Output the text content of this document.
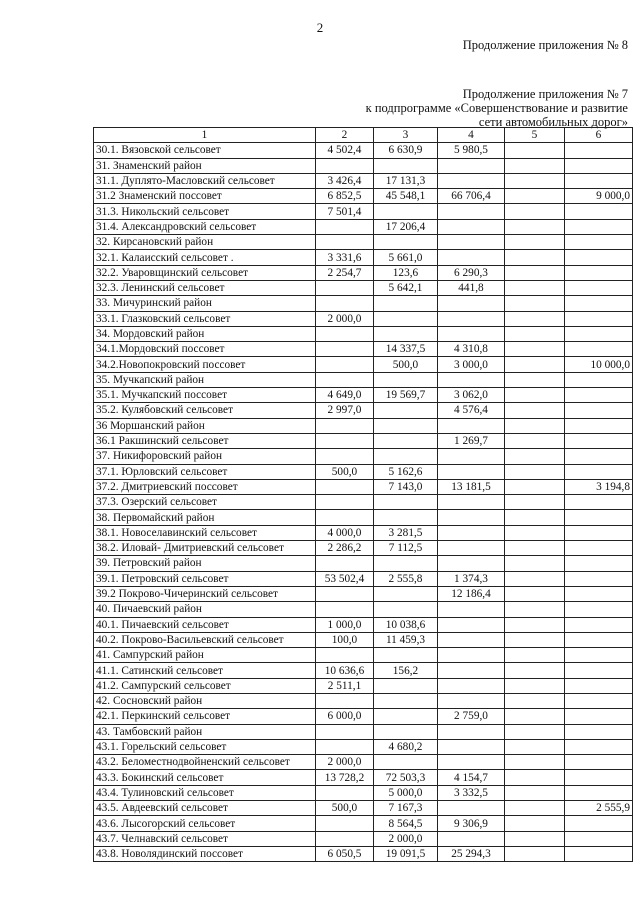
2
Продолжение приложения № 8
Продолжение приложения № 7
к подпрограмме «Совершенствование и развитие
сети автомобильных дорог»
1	2	3	4	5	6
30.1. Вязовской сельсовет	4 502,4	6 630,9	5 980,5		
31. Знаменский район					
31.1. Дуплято-Масловский сельсовет	3 426,4	17 131,3			
31.2 Знаменский поссовет	6 852,5	45 548,1	66 706,4		9 000,0
31.3. Никольский сельсовет	7 501,4				
31.4. Александровский сельсовет		17 206,4			
32. Кирсановский район					
32.1. Калаисский сельсовет .	3 331,6	5 661,0			
32.2. Уваровщинский сельсовет	2 254,7	123,6	6 290,3		
32.3. Ленинский сельсовет		5 642,1	441,8		
33. Мичуринский район					
33.1. Глазковский сельсовет	2 000,0				
34. Мордовский район					
34.1.Мордовский поссовет		14 337,5	4 310,8		
34.2.Новопокровский поссовет		500,0	3 000,0		10 000,0
35. Мучкапский район					
35.1. Мучкапский поссовет	4 649,0	19 569,7	3 062,0		
35.2. Кулябовский сельсовет	2 997,0		4 576,4		
36 Моршанский район					
36.1 Ракшинский сельсовет			1 269,7		
37. Никифоровский район					
37.1. Юрловский сельсовет	500,0	5 162,6			
37.2. Дмитриевский поссовет		7 143,0	13 181,5		3 194,8
37.3. Озерский сельсовет					
38. Первомайский район					
38.1. Новоселавинский сельсовет	4 000,0	3 281,5			
38.2. Иловай- Дмитриевский сельсовет	2 286,2	7 112,5			
39. Петровский район					
39.1. Петровский сельсовет	53 502,4	2 555,8	1 374,3		
39.2 Покрово-Чичеринский сельсовет			12 186,4		
40. Пичаевский район					
40.1. Пичаевский сельсовет	1 000,0	10 038,6			
40.2. Покрово-Васильевский сельсовет	100,0	11 459,3			
41. Сампурский район					
41.1. Сатинский сельсовет	10 636,6	156,2			
41.2. Сампурский сельсовет	2 511,1				
42. Сосновский район					
42.1. Перкинский сельсовет	6 000,0		2 759,0		
43. Тамбовский район					
43.1. Горельский сельсовет		4 680,2			
43.2. Беломестнодвойненский сельсовет	2 000,0				
43.3. Бокинский сельсовет	13 728,2	72 503,3	4 154,7		
43.4. Тулиновский сельсовет		5 000,0	3 332,5		
43.5. Авдеевский сельсовет	500,0	7 167,3			2 555,9
43.6. Лысогорский сельсовет		8 564,5	9 306,9		
43.7. Челнавский сельсовет		2 000,0			
43.8. Новолядинский поссовет	6 050,5	19 091,5	25 294,3		
